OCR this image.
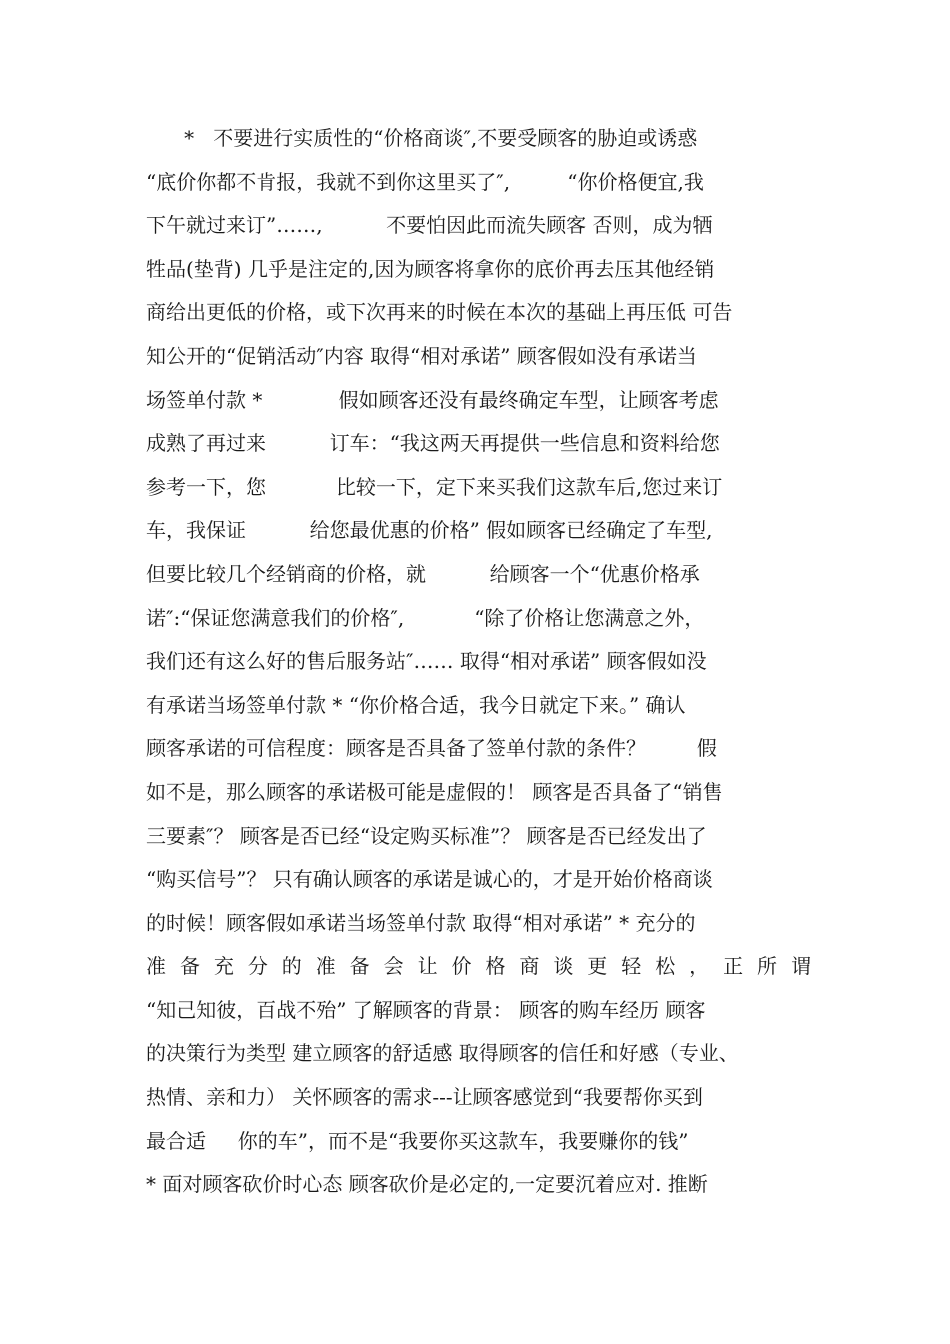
*   不要进行实质性的“价格商谈″,不要受顾客的胁迫或诱惑
“底价你都不肯报，我就不到你这里买了″,         “你价格便宜,我
下午就过来订”……,          不要怕因此而流失顾客 否则，成为牺
牲品(垫背) 几乎是注定的,因为顾客将拿你的底价再去压其他经销
商给出更低的价格，或下次再来的时候在本次的基础上再压低 可告
知公开的“促销活动″内容 取得“相对承诺” 顾客假如没有承诺当
场签单付款 *            假如顾客还没有最终确定车型，让顾客考虑
成熟了再过来          订车：“我这两天再提供一些信息和资料给您
参考一下，您           比较一下，定下来买我们这款车后,您过来订
车，我保证          给您最优惠的价格” 假如顾客已经确定了车型,
但要比较几个经销商的价格，就          给顾客一个“优惠价格承
诺″:“保证您满意我们的价格″,           “除了价格让您满意之外，
我们还有这么好的售后服务站″…… 取得“相对承诺” 顾客假如没
有承诺当场签单付款 * “你价格合适，我今日就定下来。” 确认
顾客承诺的可信程度：顾客是否具备了签单付款的条件？        假
如不是，那么顾客的承诺极可能是虚假的！ 顾客是否具备了“销售
三要素″？ 顾客是否已经“设定购买标准”？ 顾客是否已经发出了
“购买信号”？ 只有确认顾客的承诺是诚心的，才是开始价格商谈
的时候！顾客假如承诺当场签单付款 取得“相对承诺” * 充分的
准 备 充 分 的 准 备 会 让 价 格 商 谈 更 轻 松 ， 正 所 谓
“知己知彼，百战不殆” 了解顾客的背景： 顾客的购车经历 顾客
的决策行为类型 建立顾客的舒适感 取得顾客的信任和好感（专业、
热情、亲和力） 关怀顾客的需求---让顾客感觉到“我要帮你买到
最合适     你的车”，而不是“我要你买这款车，我要赚你的钱”
* 面对顾客砍价时心态 顾客砍价是必定的,一定要沉着应对. 推断
